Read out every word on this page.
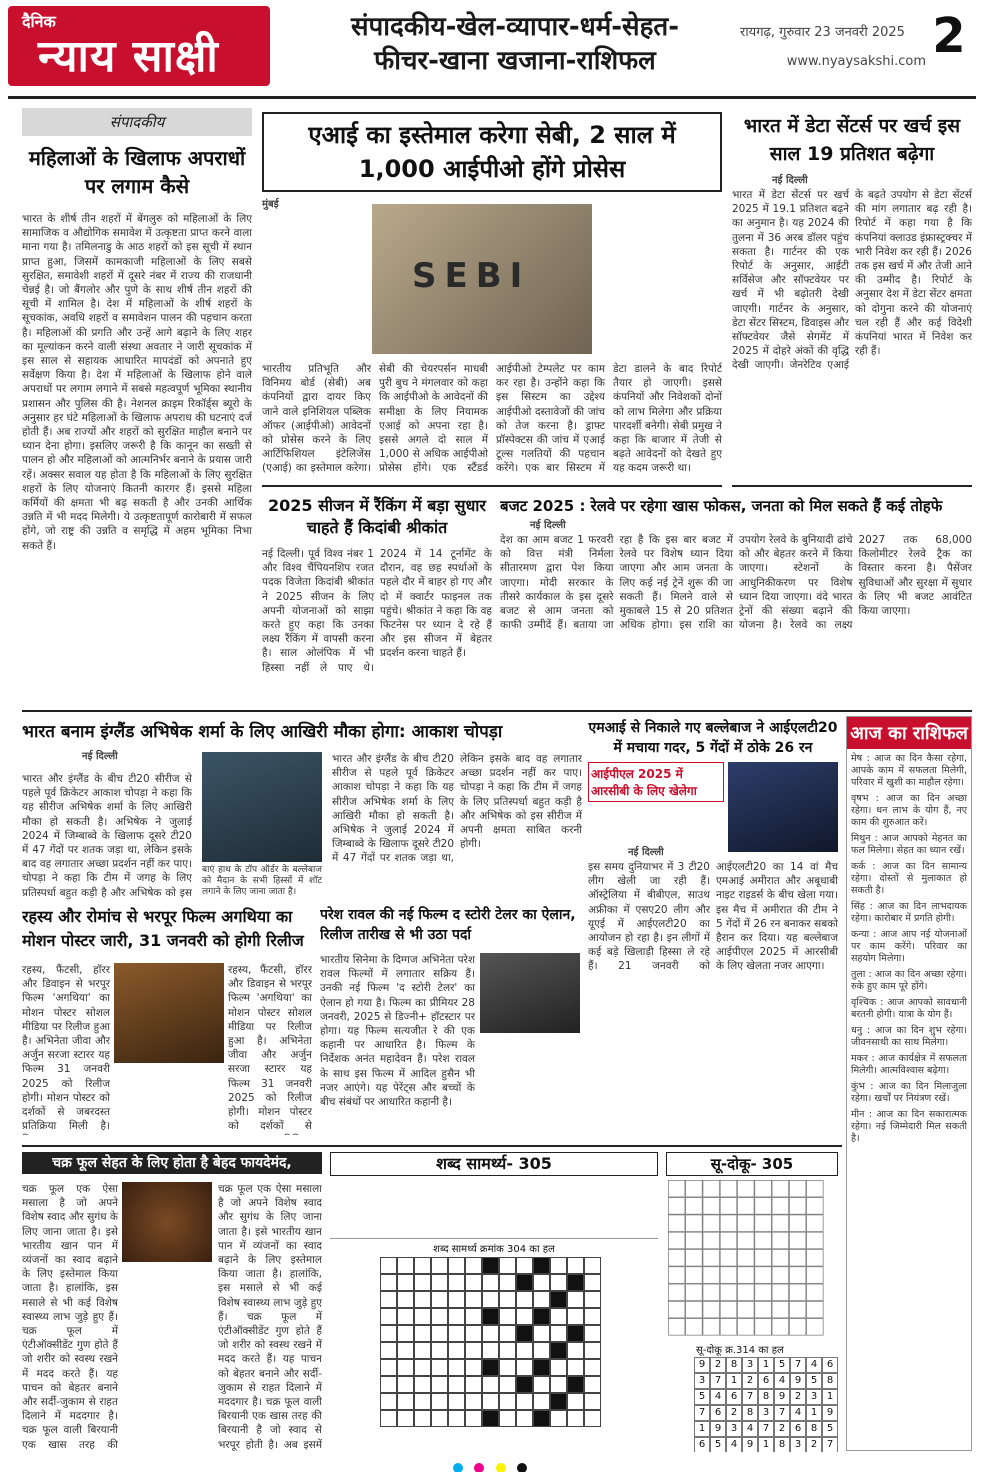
दैनिक
न्याय साक्षी
संपादकीय-खेल-व्यापार-धर्म-सेहत-
फीचर-खाना खजाना-राशिफल
रायगढ़, गुरुवार 23 जनवरी 2025
www.nyaysakshi.com 2
संपादकीय
महिलाओं के खिलाफ अपराधों पर लगाम कैसे
भारत के शीर्ष तीन शहरों में बेंगलुरु को महिलाओं के लिए सामाजिक व औद्योगिक समावेश में उत्कृष्टता प्राप्त करने वाला माना गया है। तमिलनाडु के आठ शहरों को इस सूची में स्थान प्राप्त हुआ, जिसमें कामकाजी महिलाओं के लिए सबसे सुरक्षित, समावेशी शहरों में दूसरे नंबर में राज्य की राजधानी चेन्नई है। जो बैंगलोर और पुणे के साथ शीर्ष तीन शहरों की सूची में शामिल है। देश में महिलाओं के शीर्ष शहरों के सूचकांक, अवधि शहरों व समावेशन पालन की पहचान करता है। महिलाओं की प्रगति और उन्हें आगे बढ़ाने के लिए शहर का मूल्यांकन करने वाली संस्था अवतार ने जारी सूचकांक में इस साल से सहायक आधारित मापदंडों को अपनाते हुए सर्वेक्षण किया है। देश में महिलाओं के खिलाफ होने वाले अपराधों पर लगाम लगाने में सबसे महत्वपूर्ण भूमिका स्थानीय प्रशासन और पुलिस की है। नेशनल क्राइम रिकॉर्ड्स ब्यूरो के अनुसार हर घंटे महिलाओं के खिलाफ अपराध की घटनाएं दर्ज होती हैं। अब राज्यों और शहरों को सुरक्षित माहौल बनाने पर ध्यान देना होगा। इसलिए जरूरी है कि कानून का सख्ती से पालन हो और महिलाओं को आत्मनिर्भर बनाने के प्रयास जारी रहें। अक्सर सवाल यह होता है कि महिलाओं के लिए सुरक्षित शहरों के लिए योजनाएं कितनी कारगर हैं। इससे महिला कर्मियों की क्षमता भी बढ़ सकती है और उनकी आर्थिक उन्नति में भी मदद मिलेगी। ये उत्कृष्टतापूर्ण कारोबारी में सफल होंगे, जो राष्ट्र की उन्नति व समृद्धि में अहम भूमिका निभा सकते हैं।
एआई का इस्तेमाल करेगा सेबी, 2 साल में 1,000 आईपीओ होंगे प्रोसेस
मुंबई
SEBI
भारतीय प्रतिभूति और विनिमय बोर्ड (सेबी) अब कंपनियों द्वारा दायर किए जाने वाले इनिशियल पब्लिक ऑफर (आईपीओ) आवेदनों को प्रोसेस करने के लिए आर्टिफिशियल इंटेलिजेंस (एआई) का इस्तेमाल करेगा। सेबी की चेयरपर्सन माधबी पुरी बुच ने मंगलवार को कहा कि आईपीओ के आवेदनों की समीक्षा के लिए नियामक एआई को अपना रहा है। इससे अगले दो साल में 1,000 से अधिक आईपीओ प्रोसेस होंगे। एक स्टैंडर्ड आईपीओ टेम्पलेट पर काम कर रहा है। उन्होंने कहा कि इस सिस्टम का उद्देश्य आईपीओ दस्तावेजों की जांच को तेज करना है। ड्राफ्ट प्रॉस्पेक्टस की जांच में एआई टूल्स गलतियों की पहचान करेंगे। एक बार सिस्टम में डेटा डालने के बाद रिपोर्ट तैयार हो जाएगी। इससे कंपनियों और निवेशकों दोनों को लाभ मिलेगा और प्रक्रिया पारदर्शी बनेगी। सेबी प्रमुख ने कहा कि बाजार में तेजी से बढ़ते आवेदनों को देखते हुए यह कदम जरूरी था।
भारत में डेटा सेंटर्स पर खर्च इस साल 19 प्रतिशत बढ़ेगा
नई दिल्ली
भारत में डेटा सेंटर्स पर खर्च 2025 में 19.1 प्रतिशत बढ़ने का अनुमान है। यह 2024 की तुलना में 36 अरब डॉलर पहुंच सकता है। गार्टनर की एक रिपोर्ट के अनुसार, आईटी सर्विसेज और सॉफ्टवेयर पर खर्च में भी बढ़ोतरी देखी जाएगी। गार्टनर के अनुसार, डेटा सेंटर सिस्टम, डिवाइस और सॉफ्टवेयर जैसे सेगमेंट में 2025 में दोहरे अंकों की वृद्धि देखी जाएगी। जेनरेटिव एआई के बढ़ते उपयोग से डेटा सेंटर्स की मांग लगातार बढ़ रही है। रिपोर्ट में कहा गया है कि कंपनियां क्लाउड इंफ्रास्ट्रक्चर में भारी निवेश कर रही हैं। 2026 तक इस खर्च में और तेजी आने की उम्मीद है। रिपोर्ट के अनुसार देश में डेटा सेंटर क्षमता को दोगुना करने की योजनाएं चल रही हैं और कई विदेशी कंपनियां भारत में निवेश कर रही हैं।
2025 सीजन में रैंकिंग में बड़ा सुधार चाहते हैं किदांबी श्रीकांत
नई दिल्ली। पूर्व विश्व नंबर 1 और विश्व चैंपियनशिप रजत पदक विजेता किदांबी श्रीकांत ने 2025 सीजन के लिए अपनी योजनाओं को साझा करते हुए कहा कि उनका लक्ष्य रैंकिंग में वापसी करना है। साल ओलंपिक में भी हिस्सा नहीं ले पाए थे। 2024 में 14 टूर्नामेंट के दौरान, वह छह स्पर्धाओं के पहले दौर में बाहर हो गए और दो में क्वार्टर फाइनल तक पहुंचे। श्रीकांत ने कहा कि वह फिटनेस पर ध्यान दे रहे हैं और इस सीजन में बेहतर प्रदर्शन करना चाहते हैं।
बजट 2025 : रेलवे पर रहेगा खास फोकस, जनता को मिल सकते हैं कई तोहफे
नई दिल्ली
देश का आम बजट 1 फरवरी को वित्त मंत्री निर्मला सीतारमण द्वारा पेश किया जाएगा। मोदी सरकार के तीसरे कार्यकाल के इस दूसरे बजट से आम जनता को काफी उम्मीदें हैं। बताया जा रहा है कि इस बार बजट में रेलवे पर विशेष ध्यान दिया जाएगा और आम जनता के लिए कई नई ट्रेनें शुरू की जा सकती हैं। मिलने वाले से मुकाबले 15 से 20 प्रतिशत अधिक होगा। इस राशि का उपयोग रेलवे के बुनियादी ढांचे को और बेहतर करने में किया जाएगा। स्टेशनों के आधुनिकीकरण पर विशेष ध्यान दिया जाएगा। वंदे भारत ट्रेनों की संख्या बढ़ाने की योजना है। रेलवे का लक्ष्य 2027 तक 68,000 किलोमीटर रेलवे ट्रैक का विस्तार करना है। पैसेंजर सुविधाओं और सुरक्षा में सुधार के लिए भी बजट आवंटित किया जाएगा।
भारत बनाम इंग्लैंड अभिषेक शर्मा के लिए आखिरी मौका होगा: आकाश चोपड़ा
नई दिल्ली
भारत और इंग्लैंड के बीच टी20 सीरीज से पहले पूर्व क्रिकेटर आकाश चोपड़ा ने कहा कि यह सीरीज अभिषेक शर्मा के लिए आखिरी मौका हो सकती है। अभिषेक ने जुलाई 2024 में जिम्बाब्वे के खिलाफ दूसरे टी20 में 47 गेंदों पर शतक जड़ा था, लेकिन इसके बाद वह लगातार अच्छा प्रदर्शन नहीं कर पाए। चोपड़ा ने कहा कि टीम में जगह के लिए प्रतिस्पर्धा बहुत कड़ी है और अभिषेक को इस
बाएं हाथ के टॉप ऑर्डर के बल्लेबाज को मैदान के सभी हिस्सों में शॉट लगाने के लिए जाना जाता है।
भारत और इंग्लैंड के बीच टी20 सीरीज से पहले पूर्व क्रिकेटर आकाश चोपड़ा ने कहा कि यह सीरीज अभिषेक शर्मा के लिए आखिरी मौका हो सकती है। अभिषेक ने जुलाई 2024 में जिम्बाब्वे के खिलाफ दूसरे टी20 में 47 गेंदों पर शतक जड़ा था, लेकिन इसके बाद वह लगातार अच्छा प्रदर्शन नहीं कर पाए। चोपड़ा ने कहा कि टीम में जगह के लिए प्रतिस्पर्धा बहुत कड़ी है और अभिषेक को इस सीरीज में अपनी क्षमता साबित करनी होगी।
एमआई से निकाले गए बल्लेबाज ने आईएलटी20 में मचाया गदर, 5 गेंदों में ठोके 26 रन
आईपीएल 2025 में आरसीबी के लिए खेलेगा
नई दिल्ली
इस समय दुनियाभर में 3 टी20 लीग खेली जा रही हैं। ऑस्ट्रेलिया में बीबीएल, साउथ अफ्रीका में एसए20 लीग और यूएई में आईएलटी20 का आयोजन हो रहा है। इन लीगों में कई बड़े खिलाड़ी हिस्सा ले रहे हैं। 21 जनवरी को आईएलटी20 का 14 वां मैच एमआई अमीरात और अबूधाबी नाइट राइडर्स के बीच खेला गया। इस मैच में अमीरात की टीम ने 5 गेंदों में 26 रन बनाकर सबको हैरान कर दिया। यह बल्लेबाज आईपीएल 2025 में आरसीबी के लिए खेलता नजर आएगा।
आज का राशिफल
मेष : आज का दिन कैसा रहेगा, आपके काम में सफलता मिलेगी, परिवार में खुशी का माहौल रहेगा।
वृषभ : आज का दिन अच्छा रहेगा। धन लाभ के योग हैं, नए काम की शुरुआत करें।
मिथुन : आज आपको मेहनत का फल मिलेगा। सेहत का ध्यान रखें।
कर्क : आज का दिन सामान्य रहेगा। दोस्तों से मुलाकात हो सकती है।
सिंह : आज का दिन लाभदायक रहेगा। कारोबार में प्रगति होगी।
कन्या : आज आप नई योजनाओं पर काम करेंगे। परिवार का सहयोग मिलेगा।
तुला : आज का दिन अच्छा रहेगा। रुके हुए काम पूरे होंगे।
वृश्चिक : आज आपको सावधानी बरतनी होगी। यात्रा के योग हैं।
धनु : आज का दिन शुभ रहेगा। जीवनसाथी का साथ मिलेगा।
मकर : आज कार्यक्षेत्र में सफलता मिलेगी। आत्मविश्वास बढ़ेगा।
कुंभ : आज का दिन मिलाजुला रहेगा। खर्चों पर नियंत्रण रखें।
मीन : आज का दिन सकारात्मक रहेगा। नई जिम्मेदारी मिल सकती है।
रहस्य और रोमांच से भरपूर फिल्म अगथिया का मोशन पोस्टर जारी, 31 जनवरी को होगी रिलीज
रहस्य, फैंटसी, हॉरर और डिवाइन से भरपूर फिल्म 'अगथिया' का मोशन पोस्टर सोशल मीडिया पर रिलीज हुआ है। अभिनेता जीवा और अर्जुन सरजा स्टारर यह फिल्म 31 जनवरी 2025 को रिलीज होगी। मोशन पोस्टर को दर्शकों से जबरदस्त प्रतिक्रिया मिली है।
रहस्य, फैंटसी, हॉरर और डिवाइन से भरपूर फिल्म 'अगथिया' का मोशन पोस्टर सोशल मीडिया पर रिलीज हुआ है। अभिनेता जीवा और अर्जुन सरजा स्टारर यह फिल्म 31 जनवरी 2025 को रिलीज होगी। मोशन पोस्टर को दर्शकों से
परेश रावल की नई फिल्म द स्टोरी टेलर का ऐलान, रिलीज तारीख से भी उठा पर्दा
भारतीय सिनेमा के दिग्गज अभिनेता परेश रावल फिल्मों में लगातार सक्रिय हैं। उनकी नई फिल्म 'द स्टोरी टेलर' का ऐलान हो गया है। फिल्म का प्रीमियर 28 जनवरी, 2025 से डिज्नी+ हॉटस्टार पर होगा। यह फिल्म सत्यजीत रे की एक कहानी पर आधारित है। फिल्म के निर्देशक अनंत महादेवन हैं। परेश रावल के साथ इस फिल्म में आदिल हुसैन भी नजर आएंगे। यह पेरेंट्स और बच्चों के बीच संबंधों पर आधारित कहानी है।
चक्र फूल सेहत के लिए होता है बेहद फायदेमंद,
चक्र फूल एक ऐसा मसाला है जो अपने विशेष स्वाद और सुगंध के लिए जाना जाता है। इसे भारतीय खान पान में व्यंजनों का स्वाद बढ़ाने के लिए इस्तेमाल किया जाता है। हालांकि, इस मसाले से भी कई विशेष स्वास्थ्य लाभ जुड़े हुए हैं। चक्र फूल में एंटीऑक्सीडेंट गुण होते हैं जो शरीर को स्वस्थ रखने में मदद करते हैं। यह पाचन को बेहतर बनाने और सर्दी-जुकाम से राहत दिलाने में मददगार है। चक्र फूल वाली बिरयानी एक खास तरह की
चक्र फूल एक ऐसा मसाला है जो अपने विशेष स्वाद और सुगंध के लिए जाना जाता है। इसे भारतीय खान पान में व्यंजनों का स्वाद बढ़ाने के लिए इस्तेमाल किया जाता है। हालांकि, इस मसाले से भी कई विशेष स्वास्थ्य लाभ जुड़े हुए हैं। चक्र फूल में एंटीऑक्सीडेंट गुण होते हैं जो शरीर को स्वस्थ रखने में मदद करते हैं। यह पाचन को बेहतर बनाने और सर्दी-जुकाम से राहत दिलाने में मददगार है। चक्र फूल वाली बिरयानी एक खास तरह की बिरयानी है जो स्वाद से भरपूर होती है। अब इसमें
शब्द सामर्थ्य- 305
शब्द सामर्थ्य क्रमांक 304 का हल
सू-दोकू- 305
सू-दोकू क्र.314 का हल
9 2 8 3 1 5 7 4 6
3 7 1 2 6 4 9 5 8
5 4 6 7 8 9 2 3 1
7 6 2 8 3 7 4 1 9
1 9 3 4 7 2 6 8 5
6 5 4 9 1 8 3 2 7
